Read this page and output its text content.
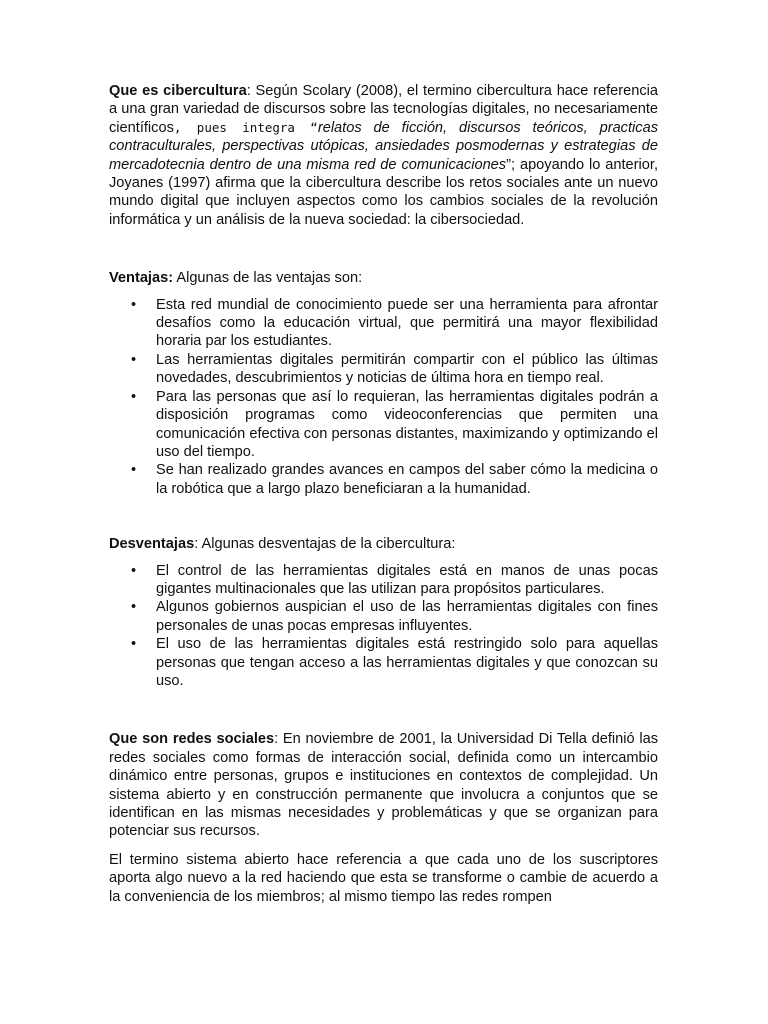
Que es cibercultura: Según Scolary (2008), el termino cibercultura hace referencia a una gran variedad de discursos sobre las tecnologías digitales, no necesariamente científicos, pues integra “relatos de ficción, discursos teóricos, practicas contraculturales, perspectivas utópicas, ansiedades posmodernas y estrategias de mercadotecnia dentro de una misma red de comunicaciones”; apoyando lo anterior, Joyanes (1997) afirma que la cibercultura describe los retos sociales ante un nuevo mundo digital que incluyen aspectos como los cambios sociales de la revolución informática y un análisis de la nueva sociedad: la cibersociedad.

Ventajas: Algunas de las ventajas son:

• Esta red mundial de conocimiento puede ser una herramienta para afrontar desafíos como la educación virtual, que permitirá una mayor flexibilidad horaria par los estudiantes.
• Las herramientas digitales permitirán compartir con el público las últimas novedades, descubrimientos y noticias de última hora en tiempo real.
• Para las personas que así lo requieran, las herramientas digitales podrán a disposición programas como videoconferencias que permiten una comunicación efectiva con personas distantes, maximizando y optimizando el uso del tiempo.
• Se han realizado grandes avances en campos del saber cómo la medicina o la robótica que a largo plazo beneficiaran a la humanidad.

Desventajas: Algunas desventajas de la cibercultura:

• El control de las herramientas digitales está en manos de unas pocas gigantes multinacionales que las utilizan para propósitos particulares.
• Algunos gobiernos auspician el uso de las herramientas digitales con fines personales de unas pocas empresas influyentes.
• El uso de las herramientas digitales está restringido solo para aquellas personas que tengan acceso a las herramientas digitales y que conozcan su uso.

Que son redes sociales: En noviembre de 2001, la Universidad Di Tella definió las redes sociales como formas de interacción social, definida como un intercambio dinámico entre personas, grupos e instituciones en contextos de complejidad. Un sistema abierto y en construcción permanente que involucra a conjuntos que se identifican en las mismas necesidades y problemáticas y que se organizan para potenciar sus recursos.

El termino sistema abierto hace referencia a que cada uno de los suscriptores aporta algo nuevo a la red haciendo que esta se transforme o cambie de acuerdo a la conveniencia de los miembros; al mismo tiempo las redes rompen
